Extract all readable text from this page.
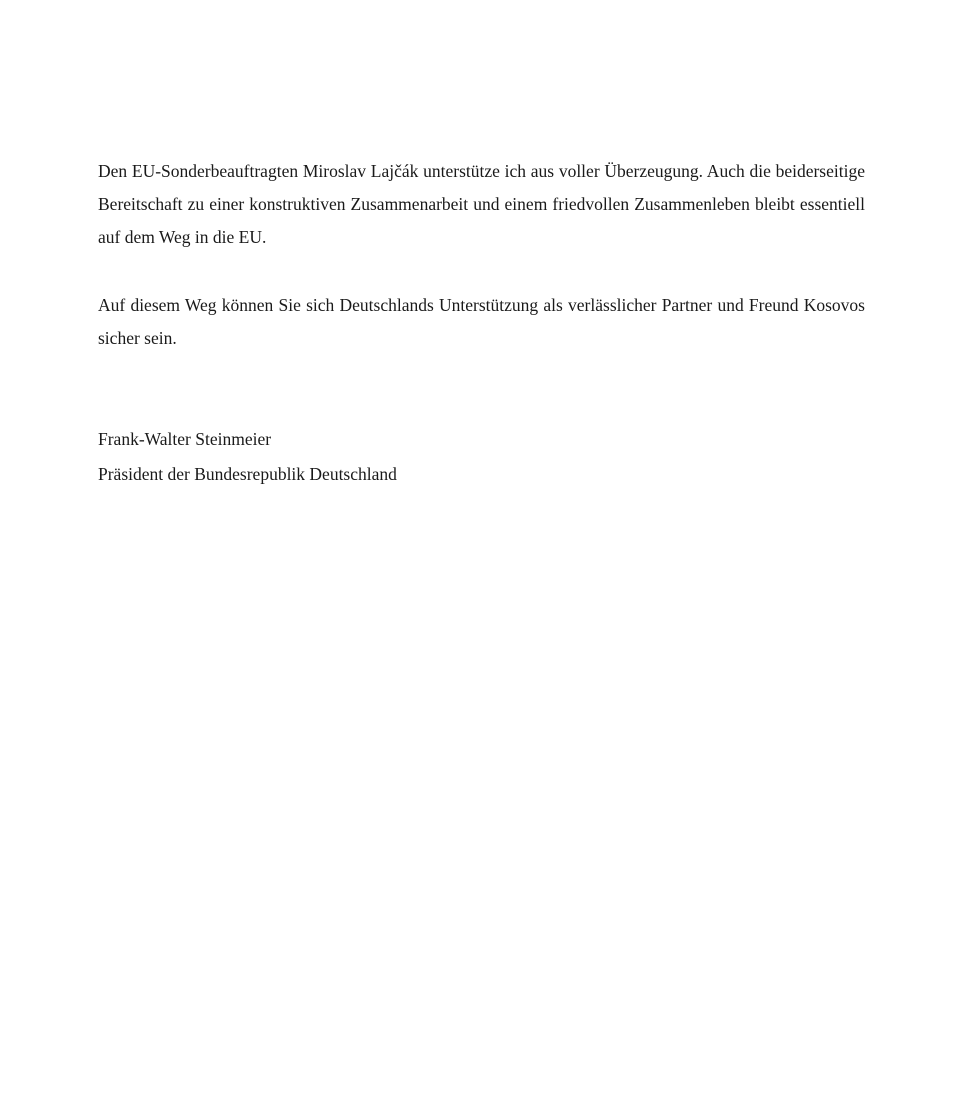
Den EU-Sonderbeauftragten Miroslav Lajčák unterstütze ich aus voller Überzeugung. Auch die beiderseitige Bereitschaft zu einer konstruktiven Zusammenarbeit und einem friedvollen Zusammenleben bleibt essentiell auf dem Weg in die EU.

Auf diesem Weg können Sie sich Deutschlands Unterstützung als verlässlicher Partner und Freund Kosovos sicher sein.

Frank-Walter Steinmeier

Präsident der Bundesrepublik Deutschland
